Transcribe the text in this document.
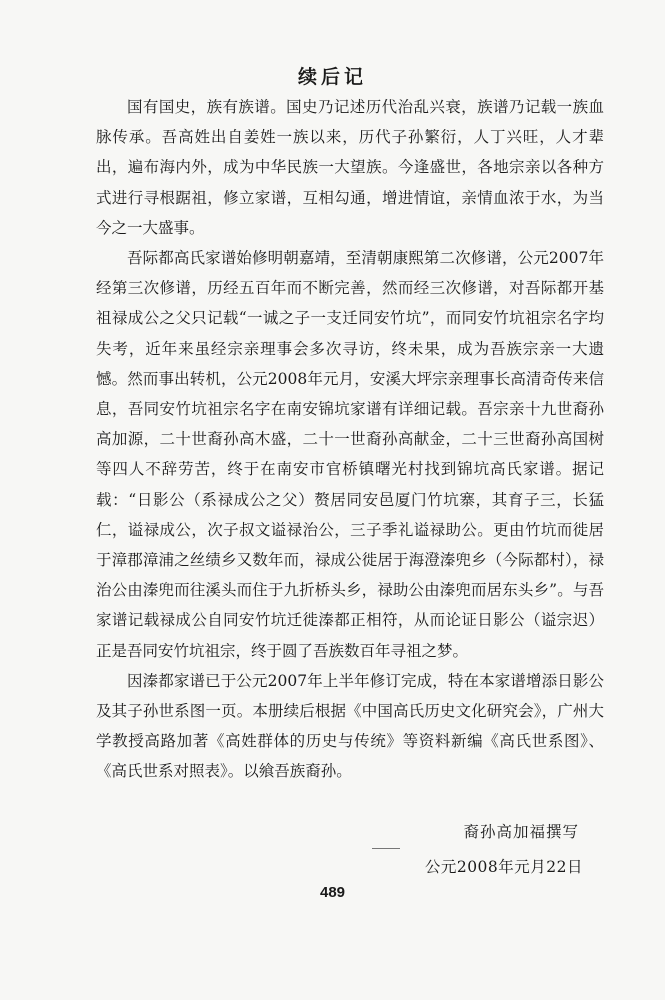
续后记

国有国史，族有族谱。国史乃记述历代治乱兴衰，族谱乃记载一族血脉传承。吾高姓出自姜姓一族以来，历代子孙繁衍，人丁兴旺，人才辈出，遍布海内外，成为中华民族一大望族。今逢盛世，各地宗亲以各种方式进行寻根踞祖，修立家谱，互相勾通，增进情谊，亲情血浓于水，为当今之一大盛事。

吾际都高氏家谱始修明朝嘉靖，至清朝康熙第二次修谱，公元2007年经第三次修谱，历经五百年而不断完善，然而经三次修谱，对吾际都开基祖禄成公之父只记载“一诚之子一支迁同安竹坑”，而同安竹坑祖宗名字均失考，近年来虽经宗亲理事会多次寻访，终未果，成为吾族宗亲一大遗憾。然而事出转机，公元2008年元月，安溪大坪宗亲理事长高清奇传来信息，吾同安竹坑祖宗名字在南安锦坑家谱有详细记载。吾宗亲十九世裔孙高加源，二十世裔孙高木盛，二十一世裔孙高献金，二十三世裔孙高国树等四人不辞劳苦，终于在南安市官桥镇曙光村找到锦坑高氏家谱。据记载：“日影公（系禄成公之父）赘居同安邑厦门竹坑寨，其育子三，长猛仁，谥禄成公，次子叔文谥禄治公，三子季礼谥禄助公。更由竹坑而徙居于漳郡漳浦之丝绩乡又数年而，禄成公徙居于海澄溱兜乡（今际都村），禄治公由溱兜而往溪头而住于九折桥头乡，禄助公由溱兜而居东头乡”。与吾家谱记载禄成公自同安竹坑迁徙溱都正相符，从而论证日影公（谥宗迟）正是吾同安竹坑祖宗，终于圆了吾族数百年寻祖之梦。

因溱都家谱已于公元2007年上半年修订完成，特在本家谱增添日影公及其子孙世系图一页。本册续后根据《中国高氏历史文化研究会》，广州大学教授高路加著《高姓群体的历史与传统》等资料新编《高氏世系图》、《高氏世系对照表》。以飨吾族裔孙。

裔孙高加福撰写
公元2008年元月22日
489
